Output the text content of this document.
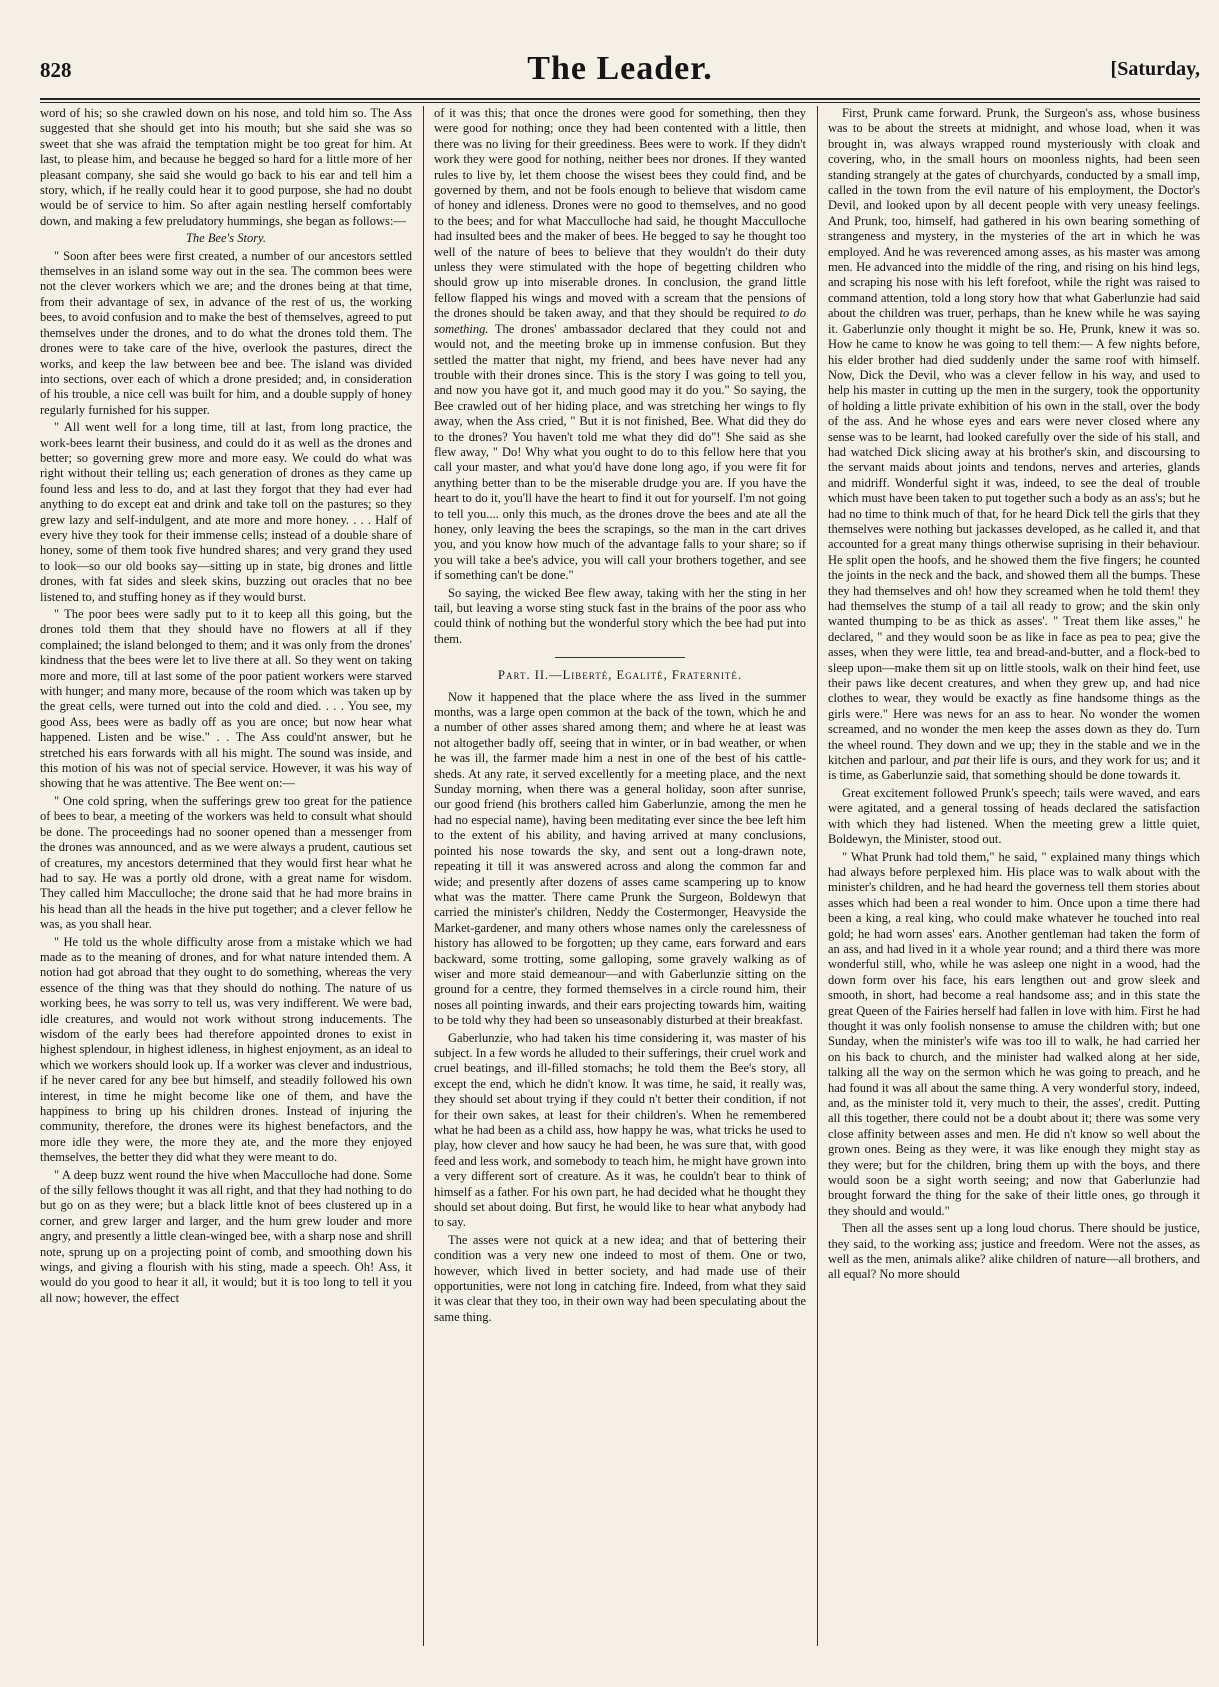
828	The Leader.	[Saturday,

word of his; so she crawled down on his nose, and told him so. The Ass suggested that she should get into his mouth; but she said she was so sweet that she was afraid the temptation might be too great for him. At last, to please him, and because he begged so hard for a little more of her pleasant company, she said she would go back to his ear and tell him a story, which, if he really could hear it to good purpose, she had no doubt would be of service to him. So after again nestling herself comfortably down, and making a few preludatory hummings, she began as follows:—

The Bee's Story.

" Soon after bees were first created, a number of our ancestors settled themselves in an island some way out in the sea. The common bees were not the clever workers which we are; and the drones being at that time, from their advantage of sex, in advance of the rest of us, the working bees, to avoid confusion and to make the best of themselves, agreed to put themselves under the drones, and to do what the drones told them. The drones were to take care of the hive, overlook the pastures, direct the works, and keep the law between bee and bee. The island was divided into sections, over each of which a drone presided; and, in consideration of his trouble, a nice cell was built for him, and a double supply of honey regularly furnished for his supper.

" All went well for a long time, till at last, from long practice, the work-bees learnt their business, and could do it as well as the drones and better; so governing grew more and more easy. We could do what was right without their telling us; each generation of drones as they came up found less and less to do, and at last they forgot that they had ever had anything to do except eat and drink and take toll on the pastures; so they grew lazy and self-indulgent, and ate more and more honey. . . . Half of every hive they took for their immense cells; instead of a double share of honey, some of them took five hundred shares; and very grand they used to look—so our old books say—sitting up in state, big drones and little drones, with fat sides and sleek skins, buzzing out oracles that no bee listened to, and stuffing honey as if they would burst.

" The poor bees were sadly put to it to keep all this going, but the drones told them that they should have no flowers at all if they complained; the island belonged to them; and it was only from the drones' kindness that the bees were let to live there at all. So they went on taking more and more, till at last some of the poor patient workers were starved with hunger; and many more, because of the room which was taken up by the great cells, were turned out into the cold and died. . . . You see, my good Ass, bees were as badly off as you are once; but now hear what happened. Listen and be wise." . . The Ass could'nt answer, but he stretched his ears forwards with all his might. The sound was inside, and this motion of his was not of special service. However, it was his way of showing that he was attentive. The Bee went on:—

" One cold spring, when the sufferings grew too great for the patience of bees to bear, a meeting of the workers was held to consult what should be done. The proceedings had no sooner opened than a messenger from the drones was announced, and as we were always a prudent, cautious set of creatures, my ancestors determined that they would first hear what he had to say. He was a portly old drone, with a great name for wisdom. They called him Macculloche; the drone said that he had more brains in his head than all the heads in the hive put together; and a clever fellow he was, as you shall hear.

" He told us the whole difficulty arose from a mistake which we had made as to the meaning of drones, and for what nature intended them. A notion had got abroad that they ought to do something, whereas the very essence of the thing was that they should do nothing. The nature of us working bees, he was sorry to tell us, was very indifferent. We were bad, idle creatures, and would not work without strong inducements. The wisdom of the early bees had therefore appointed drones to exist in highest splendour, in highest idleness, in highest enjoyment, as an ideal to which we workers should look up. If a worker was clever and industrious, if he never cared for any bee but himself, and steadily followed his own interest, in time he might become like one of them, and have the happiness to bring up his children drones. Instead of injuring the community, therefore, the drones were its highest benefactors, and the more idle they were, the more they ate, and the more they enjoyed themselves, the better they did what they were meant to do.

" A deep buzz went round the hive when Macculloche had done. Some of the silly fellows thought it was all right, and that they had nothing to do but go on as they were; but a black little knot of bees clustered up in a corner, and grew larger and larger, and the hum grew louder and more angry, and presently a little clean-winged bee, with a sharp nose and shrill note, sprung up on a projecting point of comb, and smoothing down his wings, and giving a flourish with his sting, made a speech. Oh! Ass, it would do you good to hear it all, it would; but it is too long to tell it you all now; however, the effect

of it was this; that once the drones were good for something, then they were good for nothing; once they had been contented with a little, then there was no living for their greediness. Bees were to work. If they didn't work they were good for nothing, neither bees nor drones. If they wanted rules to live by, let them choose the wisest bees they could find, and be governed by them, and not be fools enough to believe that wisdom came of honey and idleness. Drones were no good to themselves, and no good to the bees; and for what Macculloche had said, he thought Macculloche had insulted bees and the maker of bees. He begged to say he thought too well of the nature of bees to believe that they wouldn't do their duty unless they were stimulated with the hope of begetting children who should grow up into miserable drones. In conclusion, the grand little fellow flapped his wings and moved with a scream that the pensions of the drones should be taken away, and that they should be required to do something. The drones' ambassador declared that they could not and would not, and the meeting broke up in immense confusion. But they settled the matter that night, my friend, and bees have never had any trouble with their drones since. This is the story I was going to tell you, and now you have got it, and much good may it do you." So saying, the Bee crawled out of her hiding place, and was stretching her wings to fly away, when the Ass cried, " But it is not finished, Bee. What did they do to the drones? You haven't told me what they did do"! She said as she flew away, " Do! Why what you ought to do to this fellow here that you call your master, and what you'd have done long ago, if you were fit for anything better than to be the miserable drudge you are. If you have the heart to do it, you'll have the heart to find it out for yourself. I'm not going to tell you.... only this much, as the drones drove the bees and ate all the honey, only leaving the bees the scrapings, so the man in the cart drives you, and you know how much of the advantage falls to your share; so if you will take a bee's advice, you will call your brothers together, and see if something can't be done."

So saying, the wicked Bee flew away, taking with her the sting in her tail, but leaving a worse sting stuck fast in the brains of the poor ass who could think of nothing but the wonderful story which the bee had put into them.

Part. II.—Liberté, Egalité, Fraternité.

Now it happened that the place where the ass lived in the summer months, was a large open common at the back of the town, which he and a number of other asses shared among them; and where he at least was not altogether badly off, seeing that in winter, or in bad weather, or when he was ill, the farmer made him a nest in one of the best of his cattle-sheds. At any rate, it served excellently for a meeting place, and the next Sunday morning, when there was a general holiday, soon after sunrise, our good friend (his brothers called him Gaberlunzie, among the men he had no especial name), having been meditating ever since the bee left him to the extent of his ability, and having arrived at many conclusions, pointed his nose towards the sky, and sent out a long-drawn note, repeating it till it was answered across and along the common far and wide; and presently after dozens of asses came scampering up to know what was the matter. There came Prunk the Surgeon, Boldewyn that carried the minister's children, Neddy the Costermonger, Heavyside the Market-gardener, and many others whose names only the carelessness of history has allowed to be forgotten; up they came, ears forward and ears backward, some trotting, some galloping, some gravely walking as of wiser and more staid demeanour—and with Gaberlunzie sitting on the ground for a centre, they formed themselves in a circle round him, their noses all pointing inwards, and their ears projecting towards him, waiting to be told why they had been so unseasonably disturbed at their breakfast.

Gaberlunzie, who had taken his time considering it, was master of his subject. In a few words he alluded to their sufferings, their cruel work and cruel beatings, and ill-filled stomachs; he told them the Bee's story, all except the end, which he didn't know. It was time, he said, it really was, they should set about trying if they could n't better their condition, if not for their own sakes, at least for their children's. When he remembered what he had been as a child ass, how happy he was, what tricks he used to play, how clever and how saucy he had been, he was sure that, with good feed and less work, and somebody to teach him, he might have grown into a very different sort of creature. As it was, he couldn't bear to think of himself as a father. For his own part, he had decided what he thought they should set about doing. But first, he would like to hear what anybody had to say.

The asses were not quick at a new idea; and that of bettering their condition was a very new one indeed to most of them. One or two, however, which lived in better society, and had made use of their opportunities, were not long in catching fire. Indeed, from what they said it was clear that they too, in their own way had been speculating about the same thing.

First, Prunk came forward. Prunk, the Surgeon's ass, whose business was to be about the streets at midnight, and whose load, when it was brought in, was always wrapped round mysteriously with cloak and covering, who, in the small hours on moonless nights, had been seen standing strangely at the gates of churchyards, conducted by a small imp, called in the town from the evil nature of his employment, the Doctor's Devil, and looked upon by all decent people with very uneasy feelings. And Prunk, too, himself, had gathered in his own bearing something of strangeness and mystery, in the mysteries of the art in which he was employed. And he was reverenced among asses, as his master was among men. He advanced into the middle of the ring, and rising on his hind legs, and scraping his nose with his left forefoot, while the right was raised to command attention, told a long story how that what Gaberlunzie had said about the children was truer, perhaps, than he knew while he was saying it. Gaberlunzie only thought it might be so. He, Prunk, knew it was so. How he came to know he was going to tell them:— A few nights before, his elder brother had died suddenly under the same roof with himself. Now, Dick the Devil, who was a clever fellow in his way, and used to help his master in cutting up the men in the surgery, took the opportunity of holding a little private exhibition of his own in the stall, over the body of the ass. And he whose eyes and ears were never closed where any sense was to be learnt, had looked carefully over the side of his stall, and had watched Dick slicing away at his brother's skin, and discoursing to the servant maids about joints and tendons, nerves and arteries, glands and midriff. Wonderful sight it was, indeed, to see the deal of trouble which must have been taken to put together such a body as an ass's; but he had no time to think much of that, for he heard Dick tell the girls that they themselves were nothing but jackasses developed, as he called it, and that accounted for a great many things otherwise suprising in their behaviour. He split open the hoofs, and he showed them the five fingers; he counted the joints in the neck and the back, and showed them all the bumps. These they had themselves and oh! how they screamed when he told them! they had themselves the stump of a tail all ready to grow; and the skin only wanted thumping to be as thick as asses'. " Treat them like asses," he declared, " and they would soon be as like in face as pea to pea; give the asses, when they were little, tea and bread-and-butter, and a flock-bed to sleep upon—make them sit up on little stools, walk on their hind feet, use their paws like decent creatures, and when they grew up, and had nice clothes to wear, they would be exactly as fine handsome things as the girls were." Here was news for an ass to hear. No wonder the women screamed, and no wonder the men keep the asses down as they do. Turn the wheel round. They down and we up; they in the stable and we in the kitchen and parlour, and pat their life is ours, and they work for us; and it is time, as Gaberlunzie said, that something should be done towards it.

Great excitement followed Prunk's speech; tails were waved, and ears were agitated, and a general tossing of heads declared the satisfaction with which they had listened. When the meeting grew a little quiet, Boldewyn, the Minister, stood out.

" What Prunk had told them," he said, " explained many things which had always before perplexed him. His place was to walk about with the minister's children, and he had heard the governess tell them stories about asses which had been a real wonder to him. Once upon a time there had been a king, a real king, who could make whatever he touched into real gold; he had worn asses' ears. Another gentleman had taken the form of an ass, and had lived in it a whole year round; and a third there was more wonderful still, who, while he was asleep one night in a wood, had the down form over his face, his ears lengthen out and grow sleek and smooth, in short, had become a real handsome ass; and in this state the great Queen of the Fairies herself had fallen in love with him. First he had thought it was only foolish nonsense to amuse the children with; but one Sunday, when the minister's wife was too ill to walk, he had carried her on his back to church, and the minister had walked along at her side, talking all the way on the sermon which he was going to preach, and he had found it was all about the same thing. A very wonderful story, indeed, and, as the minister told it, very much to their, the asses', credit. Putting all this together, there could not be a doubt about it; there was some very close affinity between asses and men. He did n't know so well about the grown ones. Being as they were, it was like enough they might stay as they were; but for the children, bring them up with the boys, and there would soon be a sight worth seeing; and now that Gaberlunzie had brought forward the thing for the sake of their little ones, go through it they should and would."

Then all the asses sent up a long loud chorus. There should be justice, they said, to the working ass; justice and freedom. Were not the asses, as well as the men, animals alike? alike children of nature—all brothers, and all equal? No more should
